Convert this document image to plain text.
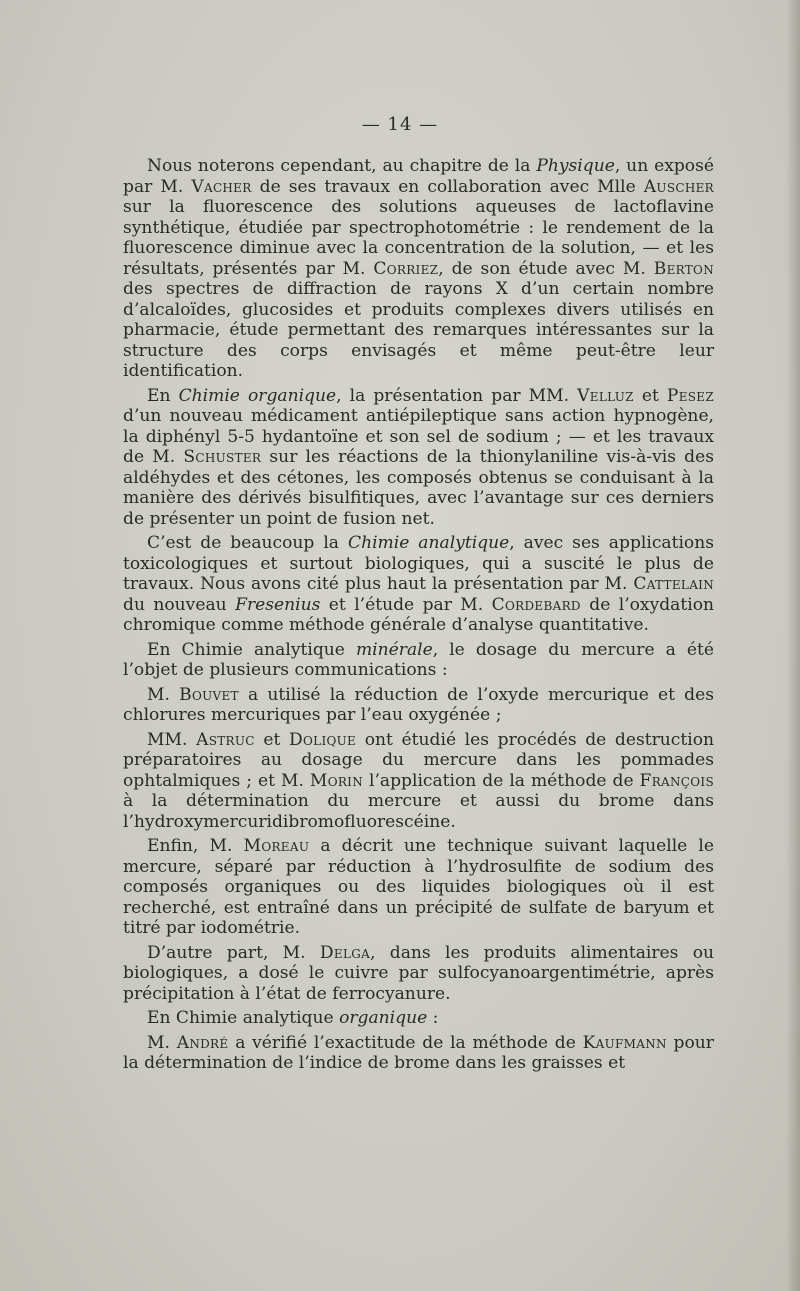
— 14 —

Nous noterons cependant, au chapitre de la Physique, un exposé par M. Vacher de ses travaux en collaboration avec Mlle Auscher sur la fluorescence des solutions aqueuses de lactoflavine synthétique, étudiée par spectrophotométrie : le rendement de la fluorescence diminue avec la concentration de la solution, — et les résultats, présentés par M. Corriez, de son étude avec M. Berton des spectres de diffraction de rayons X d’un certain nombre d’alcaloïdes, glucosides et produits complexes divers utilisés en pharmacie, étude permettant des remarques intéressantes sur la structure des corps envisagés et même peut-être leur identification.

En Chimie organique, la présentation par MM. Velluz et Pesez d’un nouveau médicament antiépileptique sans action hypnogène, la diphényl 5-5 hydantoïne et son sel de sodium ; — et les travaux de M. Schuster sur les réactions de la thionylaniline vis-à-vis des aldéhydes et des cétones, les composés obtenus se conduisant à la manière des dérivés bisulfitiques, avec l’avantage sur ces derniers de présenter un point de fusion net.

C’est de beaucoup la Chimie analytique, avec ses applications toxicologiques et surtout biologiques, qui a suscité le plus de travaux. Nous avons cité plus haut la présentation par M. Cattelain du nouveau Fresenius et l’étude par M. Cordebard de l’oxydation chromique comme méthode générale d’analyse quantitative.

En Chimie analytique minérale, le dosage du mercure a été l’objet de plusieurs communications :

M. Bouvet a utilisé la réduction de l’oxyde mercurique et des chlorures mercuriques par l’eau oxygénée ;

MM. Astruc et Dolique ont étudié les procédés de destruction préparatoires au dosage du mercure dans les pommades ophtalmiques ; et M. Morin l’application de la méthode de François à la détermination du mercure et aussi du brome dans l’hydroxymercuridibromofluorescéine.

Enfin, M. Moreau a décrit une technique suivant laquelle le mercure, séparé par réduction à l’hydrosulfite de sodium des composés organiques ou des liquides biologiques où il est recherché, est entraîné dans un précipité de sulfate de baryum et titré par iodométrie.

D’autre part, M. Delga, dans les produits alimentaires ou biologiques, a dosé le cuivre par sulfocyanoargentimétrie, après précipitation à l’état de ferrocyanure.

En Chimie analytique organique :

M. André a vérifié l’exactitude de la méthode de Kaufmann pour la détermination de l’indice de brome dans les graisses et
